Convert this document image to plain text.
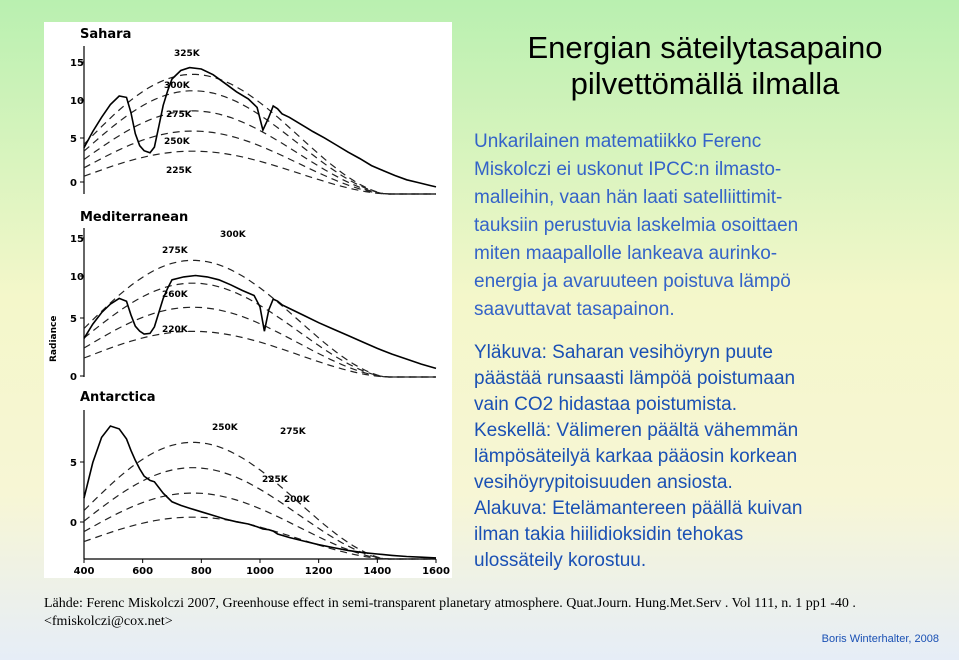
Sahara
Mediterranean
Antarctica
Radiance
15
10
5
0
325K
300K
275K
250K
225K
15
10
5
0
300K
275K
260K
220K
5
0
250K	275K
225K
200K
400	600	800	1000	1200	1400	1600
Energian säteilytasapaino
pilvettömällä ilmalla
Unkarilainen matematiikko Ferenc
Miskolczi ei uskonut IPCC:n ilmasto-
malleihin, vaan hän laati satelliittimit-
tauksiin perustuvia laskelmia osoittaen
miten maapallolle lankeava aurinko-
energia ja avaruuteen poistuva lämpö
saavuttavat tasapainon.
Yläkuva: Saharan vesihöyryn puute
päästää runsaasti lämpöä poistumaan
vain CO2 hidastaa poistumista.
Keskellä: Välimeren päältä vähemmän
lämpösäteilyä karkaa pääosin korkean
vesihöyrypitoisuuden ansiosta.
Alakuva: Etelämantereen päällä kuivan
ilman takia hiilidioksidin tehokas
ulossäteily korostuu.
Lähde: Ferenc Miskolczi 2007, Greenhouse effect in semi-transparent planetary atmosphere. Quat.Journ. Hung.Met.Serv . Vol 111, n. 1 pp1 -40 .
<fmiskolczi@cox.net>
Boris Winterhalter, 2008
